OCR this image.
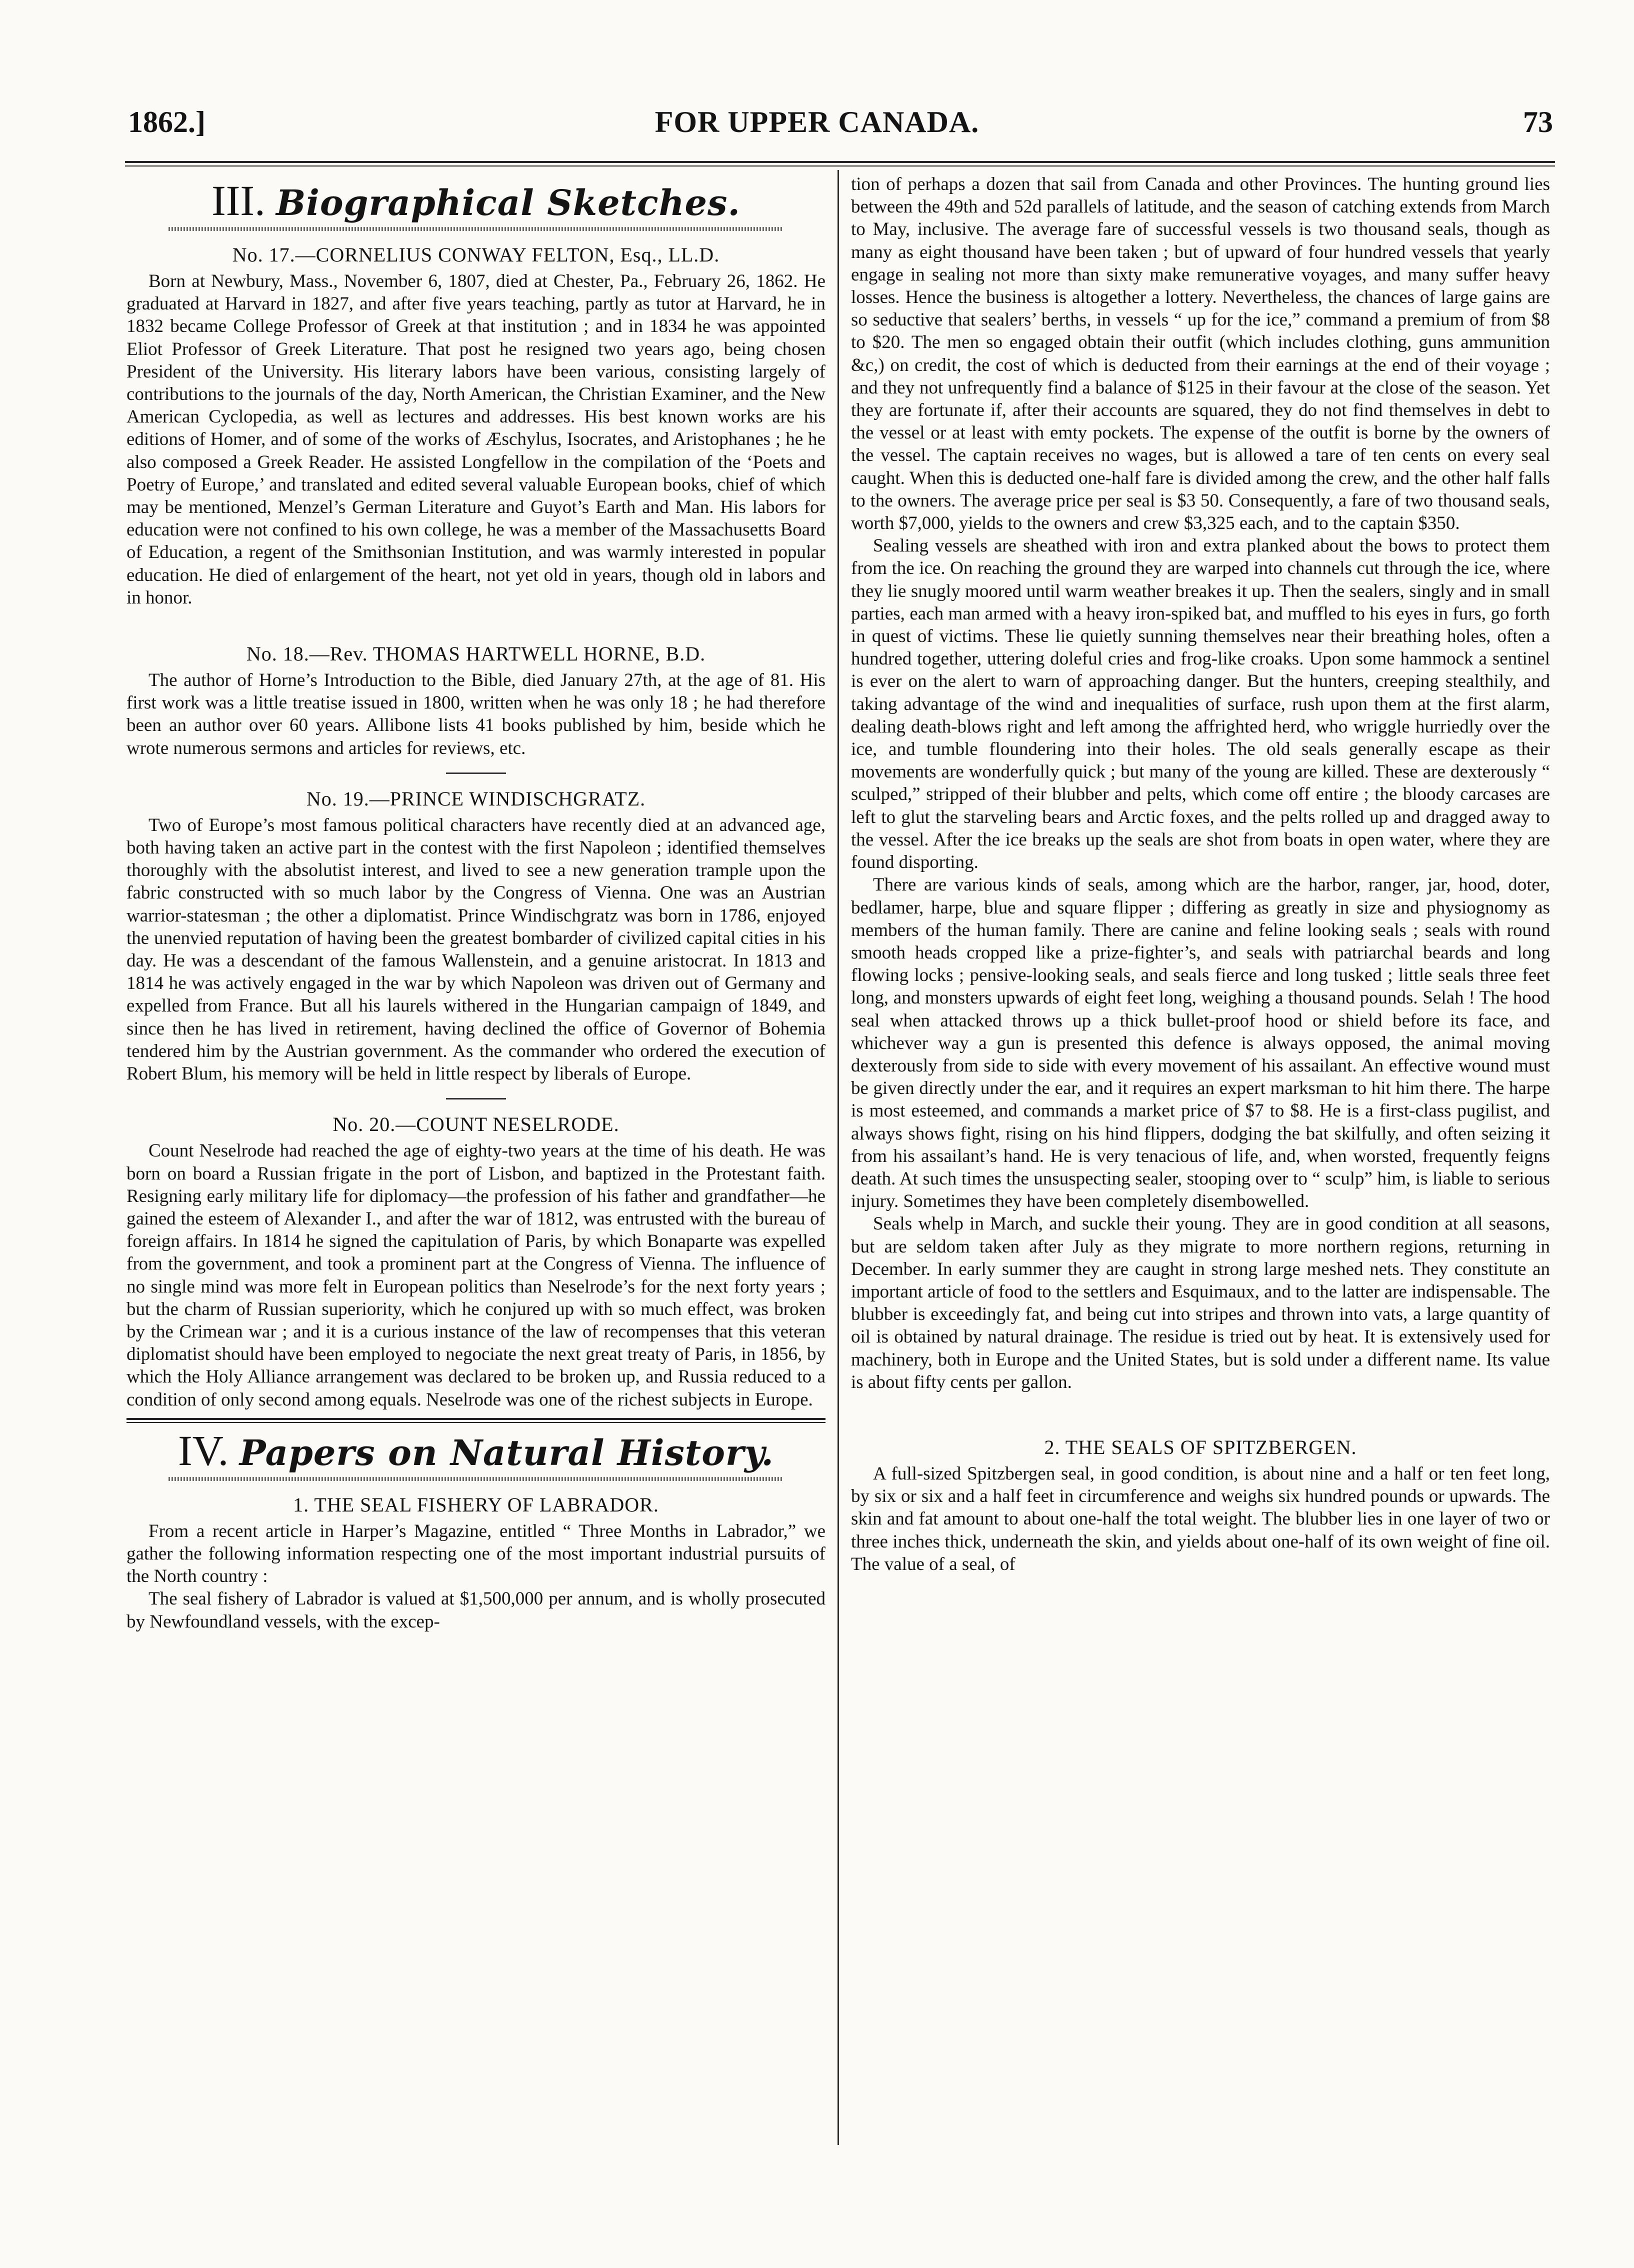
1862.]	FOR UPPER CANADA.	73
III. Biographical Sketches.
No. 17.—CORNELIUS CONWAY FELTON, Esq., LL.D.

Born at Newbury, Mass., November 6, 1807, died at Chester, Pa., February 26, 1862. He graduated at Harvard in 1827, and after five years teaching, partly as tutor at Harvard, he in 1832 became College Professor of Greek at that institution ; and in 1834 he was appointed Eliot Professor of Greek Literature. That post he resigned two years ago, being chosen President of the University. His literary labors have been various, consisting largely of contributions to the journals of the day, North American, the Christian Examiner, and the New American Cyclopedia, as well as lectures and addresses. His best known works are his editions of Homer, and of some of the works of Æschylus, Isocrates, and Aristophanes ; he he also composed a Greek Reader. He assisted Longfellow in the compilation of the ‘Poets and Poetry of Europe,’ and translated and edited several valuable European books, chief of which may be mentioned, Menzel’s German Literature and Guyot’s Earth and Man. His labors for education were not confined to his own college, he was a member of the Massachusetts Board of Education, a regent of the Smithsonian Institution, and was warmly interested in popular education. He died of enlargement of the heart, not yet old in years, though old in labors and in honor.

No. 18.—Rev. THOMAS HARTWELL HORNE, B.D.

The author of Horne’s Introduction to the Bible, died January 27th, at the age of 81. His first work was a little treatise issued in 1800, written when he was only 18 ; he had therefore been an author over 60 years. Allibone lists 41 books published by him, beside which he wrote numerous sermons and articles for reviews, etc.

No. 19.—PRINCE WINDISCHGRATZ.

Two of Europe’s most famous political characters have recently died at an advanced age, both having taken an active part in the contest with the first Napoleon ; identified themselves thoroughly with the absolutist interest, and lived to see a new generation trample upon the fabric constructed with so much labor by the Congress of Vienna. One was an Austrian warrior-statesman ; the other a diplomatist. Prince Windischgratz was born in 1786, enjoyed the unenvied reputation of having been the greatest bombarder of civilized capital cities in his day. He was a descendant of the famous Wallenstein, and a genuine aristocrat. In 1813 and 1814 he was actively engaged in the war by which Napoleon was driven out of Germany and expelled from France. But all his laurels withered in the Hungarian campaign of 1849, and since then he has lived in retirement, having declined the office of Governor of Bohemia tendered him by the Austrian government. As the commander who ordered the execution of Robert Blum, his memory will be held in little respect by liberals of Europe.

No. 20.—COUNT NESELRODE.

Count Neselrode had reached the age of eighty-two years at the time of his death. He was born on board a Russian frigate in the port of Lisbon, and baptized in the Protestant faith. Resigning early military life for diplomacy—the profession of his father and grandfather—he gained the esteem of Alexander I., and after the war of 1812, was entrusted with the bureau of foreign affairs. In 1814 he signed the capitulation of Paris, by which Bonaparte was expelled from the government, and took a prominent part at the Congress of Vienna. The influence of no single mind was more felt in European politics than Neselrode’s for the next forty years ; but the charm of Russian superiority, which he conjured up with so much effect, was broken by the Crimean war ; and it is a curious instance of the law of recompenses that this veteran diplomatist should have been employed to negociate the next great treaty of Paris, in 1856, by which the Holy Alliance arrangement was declared to be broken up, and Russia reduced to a condition of only second among equals. Neselrode was one of the richest subjects in Europe.

IV. Papers on Natural History.
1. THE SEAL FISHERY OF LABRADOR.

From a recent article in Harper’s Magazine, entitled “ Three Months in Labrador,” we gather the following information respecting one of the most important industrial pursuits of the North country :

The seal fishery of Labrador is valued at $1,500,000 per annum, and is wholly prosecuted by Newfoundland vessels, with the excep-

tion of perhaps a dozen that sail from Canada and other Provinces. The hunting ground lies between the 49th and 52d parallels of latitude, and the season of catching extends from March to May, inclusive. The average fare of successful vessels is two thousand seals, though as many as eight thousand have been taken ; but of upward of four hundred vessels that yearly engage in sealing not more than sixty make remunerative voyages, and many suffer heavy losses. Hence the business is altogether a lottery. Nevertheless, the chances of large gains are so seductive that sealers’ berths, in vessels “ up for the ice,” command a premium of from $8 to $20. The men so engaged obtain their outfit (which includes clothing, guns ammunition &c,) on credit, the cost of which is deducted from their earnings at the end of their voyage ; and they not unfrequently find a balance of $125 in their favour at the close of the season. Yet they are fortunate if, after their accounts are squared, they do not find themselves in debt to the vessel or at least with emty pockets. The expense of the outfit is borne by the owners of the vessel. The captain receives no wages, but is allowed a tare of ten cents on every seal caught. When this is deducted one-half fare is divided among the crew, and the other half falls to the owners. The average price per seal is $3 50. Consequently, a fare of two thousand seals, worth $7,000, yields to the owners and crew $3,325 each, and to the captain $350.

Sealing vessels are sheathed with iron and extra planked about the bows to protect them from the ice. On reaching the ground they are warped into channels cut through the ice, where they lie snugly moored until warm weather breakes it up. Then the sealers, singly and in small parties, each man armed with a heavy iron-spiked bat, and muffled to his eyes in furs, go forth in quest of victims. These lie quietly sunning themselves near their breathing holes, often a hundred together, uttering doleful cries and frog-like croaks. Upon some hammock a sentinel is ever on the alert to warn of approaching danger. But the hunters, creeping stealthily, and taking advantage of the wind and inequalities of surface, rush upon them at the first alarm, dealing death-blows right and left among the affrighted herd, who wriggle hurriedly over the ice, and tumble floundering into their holes. The old seals generally escape as their movements are wonderfully quick ; but many of the young are killed. These are dexterously “ sculped,” stripped of their blubber and pelts, which come off entire ; the bloody carcases are left to glut the starveling bears and Arctic foxes, and the pelts rolled up and dragged away to the vessel. After the ice breaks up the seals are shot from boats in open water, where they are found disporting.

There are various kinds of seals, among which are the harbor, ranger, jar, hood, doter, bedlamer, harpe, blue and square flipper ; differing as greatly in size and physiognomy as members of the human family. There are canine and feline looking seals ; seals with round smooth heads cropped like a prize-fighter’s, and seals with patriarchal beards and long flowing locks ; pensive-looking seals, and seals fierce and long tusked ; little seals three feet long, and monsters upwards of eight feet long, weighing a thousand pounds. Selah ! The hood seal when attacked throws up a thick bullet-proof hood or shield before its face, and whichever way a gun is presented this defence is always opposed, the animal moving dexterously from side to side with every movement of his assailant. An effective wound must be given directly under the ear, and it requires an expert marksman to hit him there. The harpe is most esteemed, and commands a market price of $7 to $8. He is a first-class pugilist, and always shows fight, rising on his hind flippers, dodging the bat skilfully, and often seizing it from his assailant’s hand. He is very tenacious of life, and, when worsted, frequently feigns death. At such times the unsuspecting sealer, stooping over to “ sculp” him, is liable to serious injury. Sometimes they have been completely disembowelled.

Seals whelp in March, and suckle their young. They are in good condition at all seasons, but are seldom taken after July as they migrate to more northern regions, returning in December. In early summer they are caught in strong large meshed nets. They constitute an important article of food to the settlers and Esquimaux, and to the latter are indispensable. The blubber is exceedingly fat, and being cut into stripes and thrown into vats, a large quantity of oil is obtained by natural drainage. The residue is tried out by heat. It is extensively used for machinery, both in Europe and the United States, but is sold under a different name. Its value is about fifty cents per gallon.

2. THE SEALS OF SPITZBERGEN.

A full-sized Spitzbergen seal, in good condition, is about nine and a half or ten feet long, by six or six and a half feet in circumference and weighs six hundred pounds or upwards. The skin and fat amount to about one-half the total weight. The blubber lies in one layer of two or three inches thick, underneath the skin, and yields about one-half of its own weight of fine oil. The value of a seal, of
